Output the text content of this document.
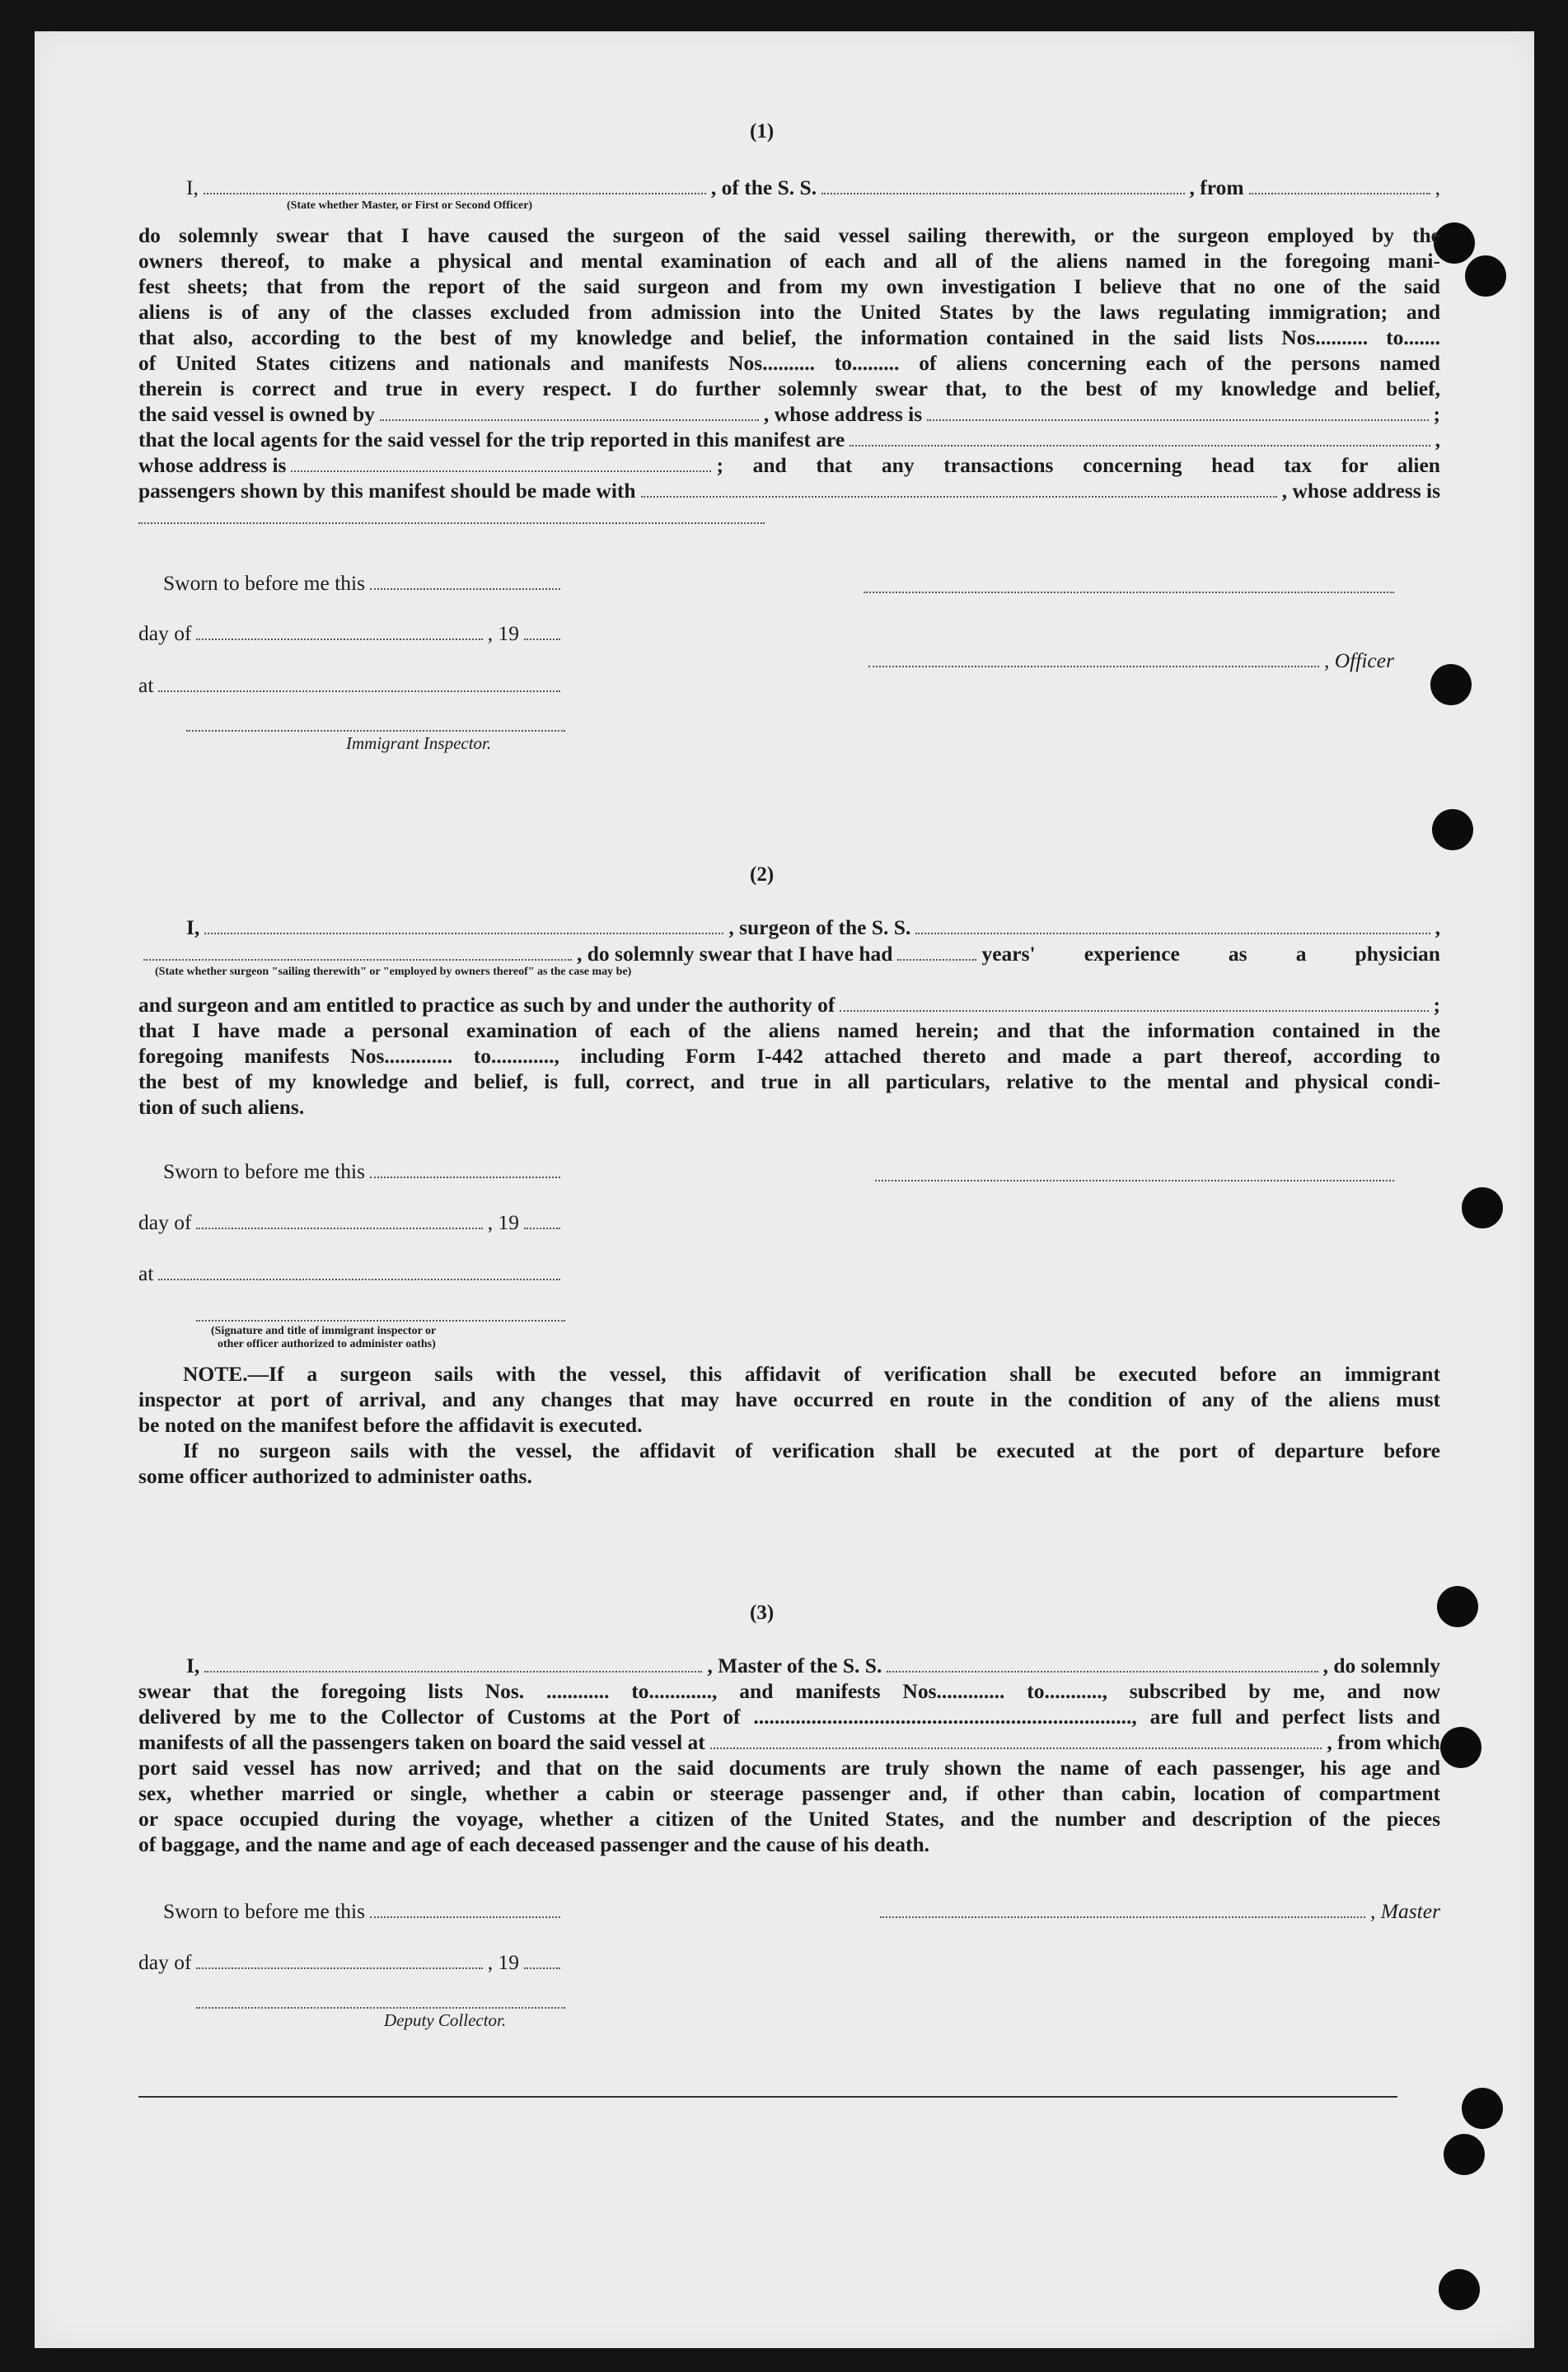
(1)
I,	, of the S. S.	, from	,
(State whether Master, or First or Second Officer)
do solemnly swear that I have caused the surgeon of the said vessel sailing therewith, or the surgeon employed by the
owners thereof, to make a physical and mental examination of each and all of the aliens named in the foregoing mani-
fest sheets; that from the report of the said surgeon and from my own investigation I believe that no one of the said
aliens is of any of the classes excluded from admission into the United States by the laws regulating immigration; and
that also, according to the best of my knowledge and belief, the information contained in the said lists Nos.......... to.......
of United States citizens and nationals and manifests Nos.......... to......... of aliens concerning each of the persons named
therein is correct and true in every respect. I do further solemnly swear that, to the best of my knowledge and belief,
the said vessel is owned by	, whose address is	;
that the local agents for the said vessel for the trip reported in this manifest are	,
whose address is	; and that any transactions concerning head tax for alien
passengers shown by this manifest should be made with	, whose address is
Sworn to before me this
day of	, 19
, Officer
at
Immigrant Inspector.
(2)
I,	, surgeon of the S. S.	,
, do solemnly swear that I have had	years' experience as a physician
(State whether surgeon "sailing therewith" or "employed by owners thereof" as the case may be)
and surgeon and am entitled to practice as such by and under the authority of	;
that I have made a personal examination of each of the aliens named herein; and that the information contained in the
foregoing manifests Nos............. to............, including Form I-442 attached thereto and made a part thereof, according to
the best of my knowledge and belief, is full, correct, and true in all particulars, relative to the mental and physical condi-
tion of such aliens.
Sworn to before me this
day of	, 19
at
(Signature and title of immigrant inspector or
other officer authorized to administer oaths)
NOTE.—If a surgeon sails with the vessel, this affidavit of verification shall be executed before an immigrant
inspector at port of arrival, and any changes that may have occurred en route in the condition of any of the aliens must
be noted on the manifest before the affidavit is executed.
If no surgeon sails with the vessel, the affidavit of verification shall be executed at the port of departure before
some officer authorized to administer oaths.
(3)
I,	, Master of the S. S.	, do solemnly
swear that the foregoing lists Nos. ............ to............, and manifests Nos............. to..........., subscribed by me, and now
delivered by me to the Collector of Customs at the Port of ........................................................................, are full and perfect lists and
manifests of all the passengers taken on board the said vessel at	, from which
port said vessel has now arrived; and that on the said documents are truly shown the name of each passenger, his age and
sex, whether married or single, whether a cabin or steerage passenger and, if other than cabin, location of compartment
or space occupied during the voyage, whether a citizen of the United States, and the number and description of the pieces
of baggage, and the name and age of each deceased passenger and the cause of his death.
Sworn to before me this	, Master
day of	, 19
Deputy Collector.
